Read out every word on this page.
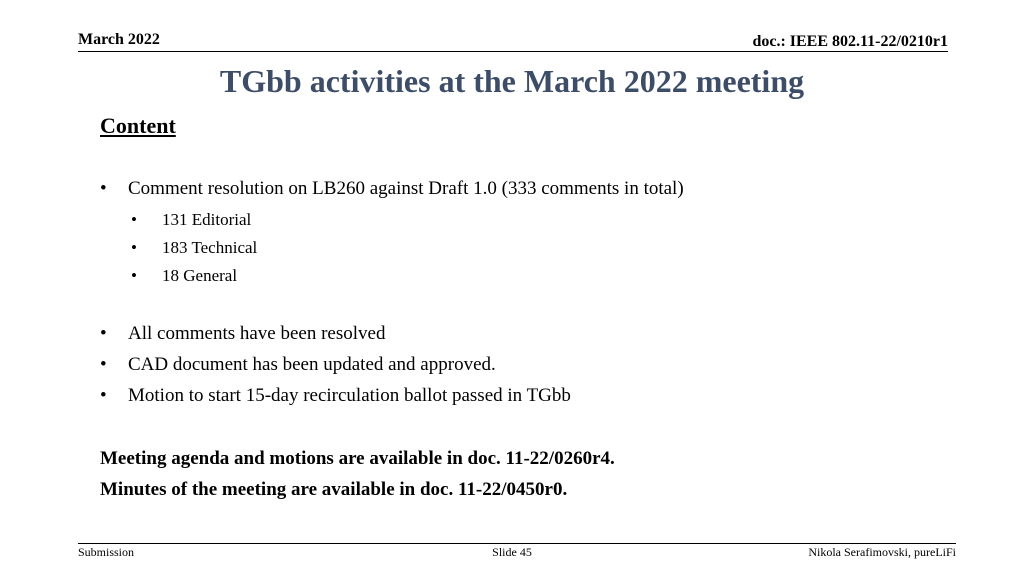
March 2022	doc.: IEEE 802.11-22/0210r1
TGbb activities at the March 2022 meeting
Content
• Comment resolution on LB260 against Draft 1.0 (333 comments in total)
• 131 Editorial
• 183 Technical
• 18 General
• All comments have been resolved
• CAD document has been updated and approved.
• Motion to start 15-day recirculation ballot passed in TGbb
Meeting agenda and motions are available in doc. 11-22/0260r4.
Minutes of the meeting are available in doc. 11-22/0450r0.
Submission	Slide 45	Nikola Serafimovski, pureLiFi
